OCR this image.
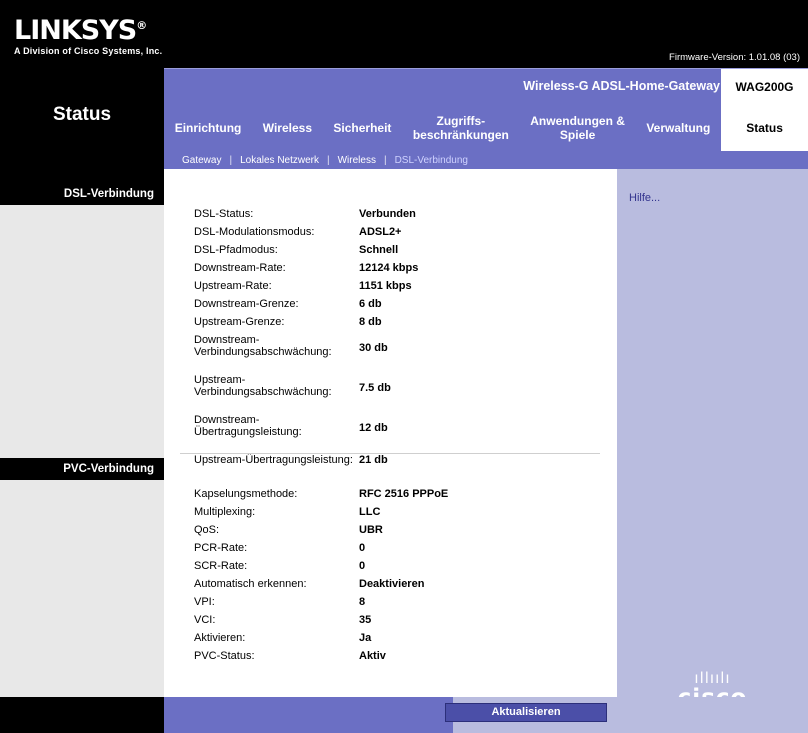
LINKSYS®
A Division of Cisco Systems, Inc.
Firmware-Version: 1.01.08 (03)
Wireless-G ADSL-Home-Gateway	WAG200G
Status
Einrichtung Wireless Sicherheit	Zugriffs-
beschränkungen
Anwendungen &
Spiele	Verwaltung	Status
Gateway | Lokales Netzwerk | Wireless | DSL-Verbindung
DSL-Verbindung
PVC-Verbindung
DSL-Status:	Verbunden
DSL-Modulationsmodus:	ADSL2+
DSL-Pfadmodus:	Schnell
Downstream-Rate:	12124 kbps
Upstream-Rate:	1151 kbps
Downstream-Grenze:	6 db
Upstream-Grenze:	8 db
Downstream-
Verbindungsabschwächung:	30 db
Upstream-
Verbindungsabschwächung:	7.5 db
Downstream-
Übertragungsleistung:	12 db
Upstream-Übertragungsleistung:	21 db
Kapselungsmethode:	RFC 2516 PPPoE
Multiplexing:	LLC
QoS:	UBR
PCR-Rate:	0
SCR-Rate:	0
Automatisch erkennen:	Deaktivieren
VPI:	8
VCI:	35
Aktivieren:	Ja
PVC-Status:	Aktiv
Hilfe...
ıllıılı
Aktualisieren
